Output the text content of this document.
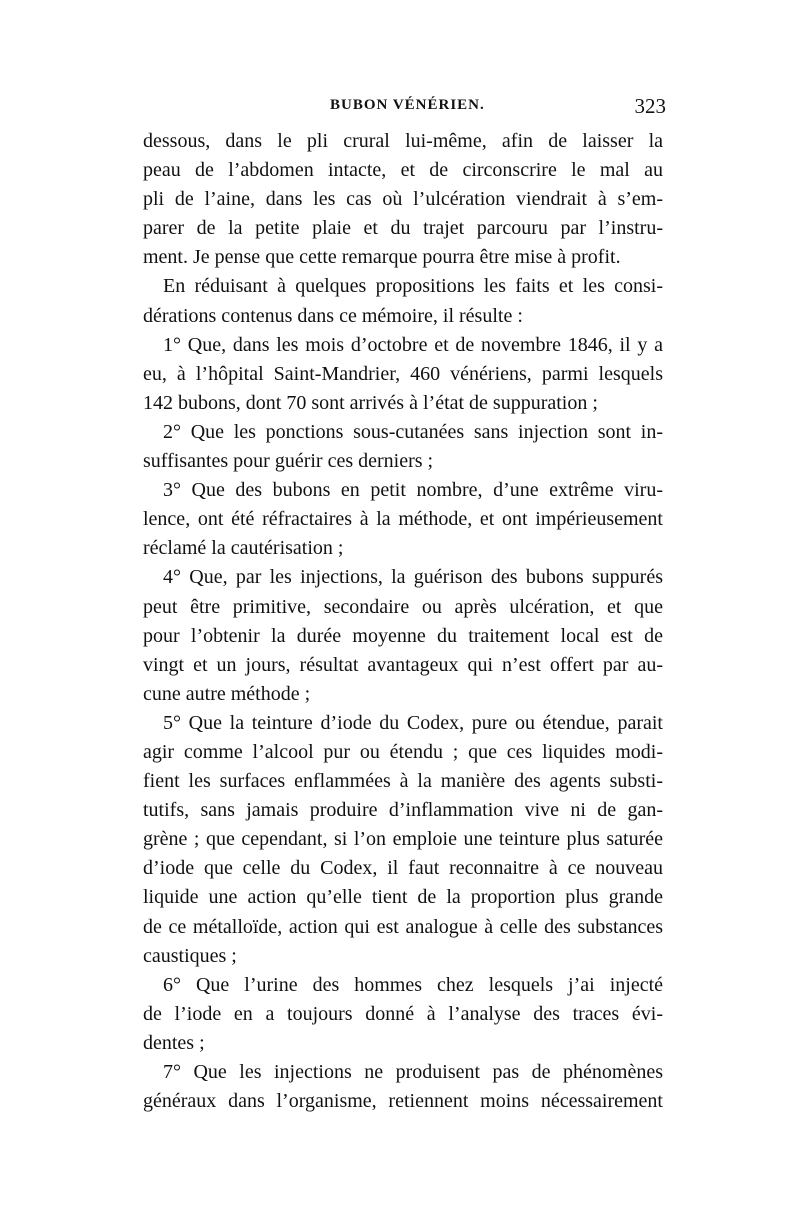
BUBON VÉNÉRIEN.	323
dessous, dans le pli crural lui-même, afin de laisser la
peau de l’abdomen intacte, et de circonscrire le mal au
pli de l’aine, dans les cas où l’ulcération viendrait à s’em-
parer de la petite plaie et du trajet parcouru par l’instru-
ment. Je pense que cette remarque pourra être mise à profit.
En réduisant à quelques propositions les faits et les consi-
dérations contenus dans ce mémoire, il résulte :
1° Que, dans les mois d’octobre et de novembre 1846, il y a
eu, à l’hôpital Saint-Mandrier, 460 vénériens, parmi lesquels
142 bubons, dont 70 sont arrivés à l’état de suppuration ;
2° Que les ponctions sous-cutanées sans injection sont in-
suffisantes pour guérir ces derniers ;
3° Que des bubons en petit nombre, d’une extrême viru-
lence, ont été réfractaires à la méthode, et ont impérieusement
réclamé la cautérisation ;
4° Que, par les injections, la guérison des bubons suppurés
peut être primitive, secondaire ou après ulcération, et que
pour l’obtenir la durée moyenne du traitement local est de
vingt et un jours, résultat avantageux qui n’est offert par au-
cune autre méthode ;
5° Que la teinture d’iode du Codex, pure ou étendue, parait
agir comme l’alcool pur ou étendu ; que ces liquides modi-
fient les surfaces enflammées à la manière des agents substi-
tutifs, sans jamais produire d’inflammation vive ni de gan-
grène ; que cependant, si l’on emploie une teinture plus saturée
d’iode que celle du Codex, il faut reconnaitre à ce nouveau
liquide une action qu’elle tient de la proportion plus grande
de ce métalloïde, action qui est analogue à celle des substances
caustiques ;
6° Que l’urine des hommes chez lesquels j’ai injecté
de l’iode en a toujours donné à l’analyse des traces évi-
dentes ;
7° Que les injections ne produisent pas de phénomènes
généraux dans l’organisme, retiennent moins nécessairement
